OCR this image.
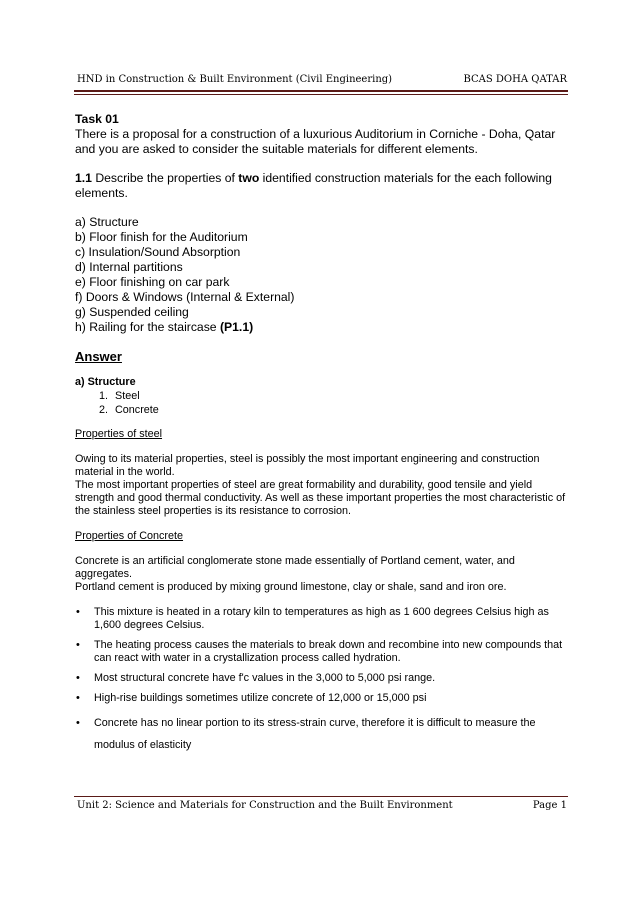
HND in Construction & Built Environment (Civil Engineering)	BCAS DOHA QATAR

Task 01

There is a proposal for a construction of a luxurious Auditorium in Corniche - Doha, Qatar and you are asked to consider the suitable materials for different elements.

1.1 Describe the properties of two identified construction materials for the each following elements.

a) Structure

b) Floor finish for the Auditorium

c) Insulation/Sound Absorption

d) Internal partitions

e) Floor finishing on car park

f) Doors & Windows (Internal & External)

g) Suspended ceiling

h) Railing for the staircase (P1.1)

Answer

a) Structure

1. Steel
2. Concrete

Properties of steel

Owing to its material properties, steel is possibly the most important engineering and construction material in the world.

The most important properties of steel are great formability and durability, good tensile and yield strength and good thermal conductivity. As well as these important properties the most characteristic of the stainless steel properties is its resistance to corrosion.

Properties of Concrete

Concrete is an artificial conglomerate stone made essentially of Portland cement, water, and aggregates.

Portland cement is produced by mixing ground limestone, clay or shale, sand and iron ore.

• This mixture is heated in a rotary kiln to temperatures as high as 1 600 degrees Celsius high as 1,600 degrees Celsius.
• The heating process causes the materials to break down and recombine into new compounds that can react with water in a crystallization process called hydration.
• Most structural concrete have f'c values in the 3,000 to 5,000 psi range.
• High-rise buildings sometimes utilize concrete of 12,000 or 15,000 psi
• Concrete has no linear portion to its stress-strain curve, therefore it is difficult to measure the modulus of elasticity
Unit 2: Science and Materials for Construction and the Built Environment	Page 1
